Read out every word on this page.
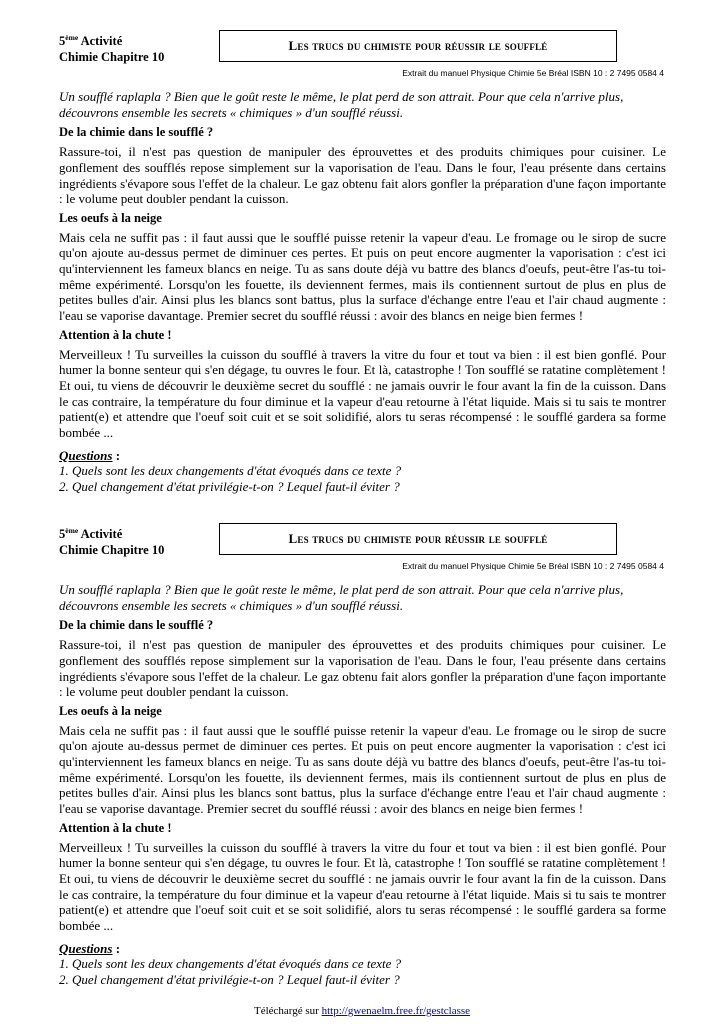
5ème Activité
Chimie Chapitre 10
Les trucs du chimiste pour réussir le soufflé
Extrait du manuel Physique Chimie 5e Bréal ISBN 10 : 2 7495 0584 4

Un soufflé raplapla ? Bien que le goût reste le même, le plat perd de son attrait. Pour que cela n'arrive plus, découvrons ensemble les secrets « chimiques » d'un soufflé réussi.

De la chimie dans le soufflé ?

Rassure-toi, il n'est pas question de manipuler des éprouvettes et des produits chimiques pour cuisiner. Le gonflement des soufflés repose simplement sur la vaporisation de l'eau. Dans le four, l'eau présente dans certains ingrédients s'évapore sous l'effet de la chaleur. Le gaz obtenu fait alors gonfler la préparation d'une façon importante : le volume peut doubler pendant la cuisson.

Les oeufs à la neige

Mais cela ne suffit pas : il faut aussi que le soufflé puisse retenir la vapeur d'eau. Le fromage ou le sirop de sucre qu'on ajoute au-dessus permet de diminuer ces pertes. Et puis on peut encore augmenter la vaporisation : c'est ici qu'interviennent les fameux blancs en neige. Tu as sans doute déjà vu battre des blancs d'oeufs, peut-être l'as-tu toi-même expérimenté. Lorsqu'on les fouette, ils deviennent fermes, mais ils contiennent surtout de plus en plus de petites bulles d'air. Ainsi plus les blancs sont battus, plus la surface d'échange entre l'eau et l'air chaud augmente : l'eau se vaporise davantage. Premier secret du soufflé réussi : avoir des blancs en neige bien fermes !

Attention à la chute !

Merveilleux ! Tu surveilles la cuisson du soufflé à travers la vitre du four et tout va bien : il est bien gonflé. Pour humer la bonne senteur qui s'en dégage, tu ouvres le four. Et là, catastrophe ! Ton soufflé se ratatine complètement ! Et oui, tu viens de découvrir le deuxième secret du soufflé : ne jamais ouvrir le four avant la fin de la cuisson. Dans le cas contraire, la température du four diminue et la vapeur d'eau retourne à l'état liquide. Mais si tu sais te montrer patient(e) et attendre que l'oeuf soit cuit et se soit solidifié, alors tu seras récompensé : le soufflé gardera sa forme bombée ...

Questions :

1. Quels sont les deux changements d'état évoqués dans ce texte ?

2. Quel changement d'état privilégie-t-on ? Lequel faut-il éviter ?

5ème Activité
Chimie Chapitre 10
Les trucs du chimiste pour réussir le soufflé
Extrait du manuel Physique Chimie 5e Bréal ISBN 10 : 2 7495 0584 4

Un soufflé raplapla ? Bien que le goût reste le même, le plat perd de son attrait. Pour que cela n'arrive plus, découvrons ensemble les secrets « chimiques » d'un soufflé réussi.

De la chimie dans le soufflé ?

Rassure-toi, il n'est pas question de manipuler des éprouvettes et des produits chimiques pour cuisiner. Le gonflement des soufflés repose simplement sur la vaporisation de l'eau. Dans le four, l'eau présente dans certains ingrédients s'évapore sous l'effet de la chaleur. Le gaz obtenu fait alors gonfler la préparation d'une façon importante : le volume peut doubler pendant la cuisson.

Les oeufs à la neige

Mais cela ne suffit pas : il faut aussi que le soufflé puisse retenir la vapeur d'eau. Le fromage ou le sirop de sucre qu'on ajoute au-dessus permet de diminuer ces pertes. Et puis on peut encore augmenter la vaporisation : c'est ici qu'interviennent les fameux blancs en neige. Tu as sans doute déjà vu battre des blancs d'oeufs, peut-être l'as-tu toi-même expérimenté. Lorsqu'on les fouette, ils deviennent fermes, mais ils contiennent surtout de plus en plus de petites bulles d'air. Ainsi plus les blancs sont battus, plus la surface d'échange entre l'eau et l'air chaud augmente : l'eau se vaporise davantage. Premier secret du soufflé réussi : avoir des blancs en neige bien fermes !

Attention à la chute !

Merveilleux ! Tu surveilles la cuisson du soufflé à travers la vitre du four et tout va bien : il est bien gonflé. Pour humer la bonne senteur qui s'en dégage, tu ouvres le four. Et là, catastrophe ! Ton soufflé se ratatine complètement ! Et oui, tu viens de découvrir le deuxième secret du soufflé : ne jamais ouvrir le four avant la fin de la cuisson. Dans le cas contraire, la température du four diminue et la vapeur d'eau retourne à l'état liquide. Mais si tu sais te montrer patient(e) et attendre que l'oeuf soit cuit et se soit solidifié, alors tu seras récompensé : le soufflé gardera sa forme bombée ...

Questions :

1. Quels sont les deux changements d'état évoqués dans ce texte ?

2. Quel changement d'état privilégie-t-on ? Lequel faut-il éviter ?

Téléchargé sur http://gwenaelm.free.fr/gestclasse
